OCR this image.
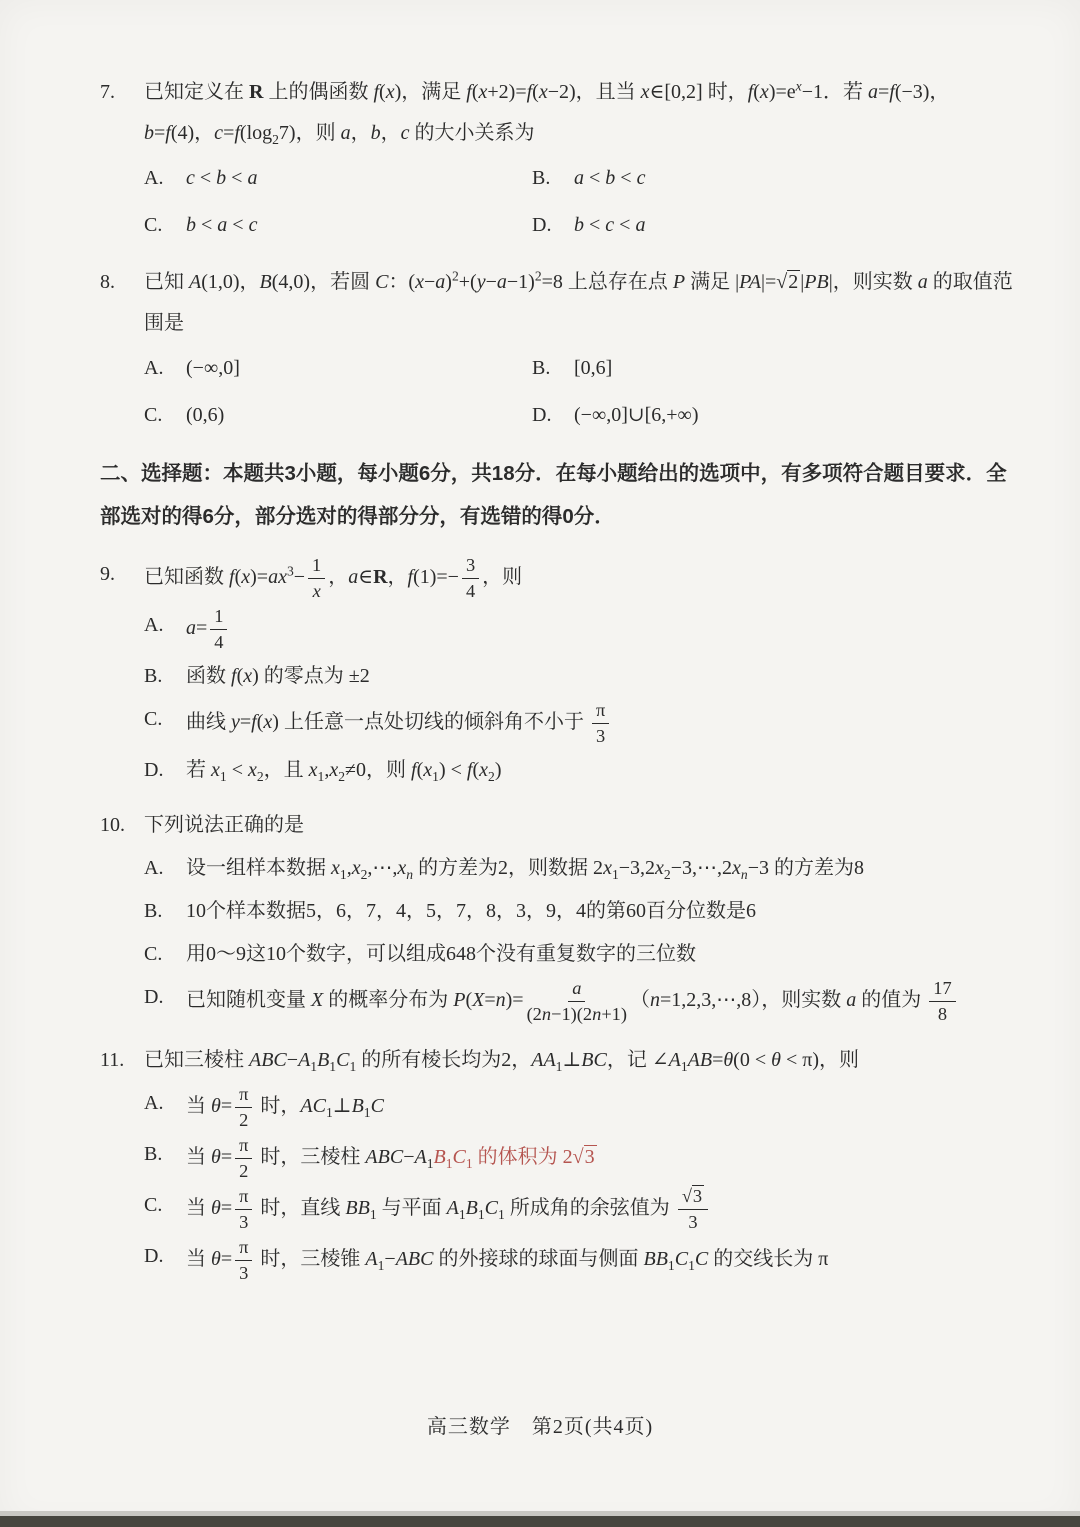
7.	已知定义在 R 上的偶函数 f(x)，满足 f(x+2)=f(x−2)，且当 x∈[0,2] 时，$f(x)=e^x-1$．若 a=f(−3)，b=f(4)，$c=f(\log_27)$，则 a，b，c 的大小关系为
A.	c < b < a	B.	a < b < c
C.	b < a < c	D.	b < c < a
8.	已知 A(1,0)，B(4,0)，若圆 C：$(x-a)^2+(y-a-1)^2=8$ 上总存在点 P 满足 |PA|=√2 |PB|，则实数 a 的取值范围是
A.	(−∞,0]	B.	[0,6]
C.	(0,6)	D.	(−∞,0]∪[6,+∞)

二、选择题：本题共3小题，每小题6分，共18分．在每小题给出的选项中，有多项符合题目要求．全部选对的得6分，部分选对的得部分分，有选错的得0分．

9.	已知函数 $f(x)=ax^3- \frac{1}{x}$ ，a∈R，$f(1)=- \frac{3}{4}$ ，则
A.	$a= \frac{1}{4}$
B.	函数 f(x) 的零点为 ±2
C.	曲线 y=f(x) 上任意一点处切线的倾斜角不小于 $\frac{\pi}{3}$
D.	若 $x_1 < x_2$，且 $x_1,x_2\ne 0$，则 $f(x_1) < f(x_2)$
10. 下列说法正确的是
A.	设一组样本数据 $x_1,x_2,\cdots,x_n$ 的方差为2，则数据 $2x_1-3,2x_2-3,\cdots,2x_n-3$ 的方差为8
B.	10个样本数据5，6，7，4，5，7，8，3，9，4的第60百分位数是6
C.	用0～9这10个数字，可以组成648个没有重复数字的三位数
D.	已知随机变量 X 的概率分布为 $P(X=n)= \frac{a}{(2n-1)(2n+1)}$ （n=1,2,3,⋯,8），则实数 a 的值为 $\frac{17}{8}$
11. 已知三棱柱 $ABC-A_1B_1C_1$ 的所有棱长均为2，$AA_1\perp BC$，记 $\angle A_1AB=\theta(0 < \theta < \pi)$，则
A.	当 $\theta= \frac{\pi}{2}$ 时，$AC_1\perp B_1C$
B.	当 $\theta= \frac{\pi}{2}$ 时，三棱柱 $ABC-A_1B_1C_1$ 的体积为 2√3
C.	当 $\theta= \frac{\pi}{3}$ 时，直线 $BB_1$ 与平面 $A_1B_1C_1$ 所成角的余弦值为 $\frac{√3}{3}$
D.	当 $\theta= \frac{\pi}{3}$ 时，三棱锥 $A_1-ABC$ 的外接球的球面与侧面 $BB_1C_1C$ 的交线长为 π
高三数学　第2页(共4页)
